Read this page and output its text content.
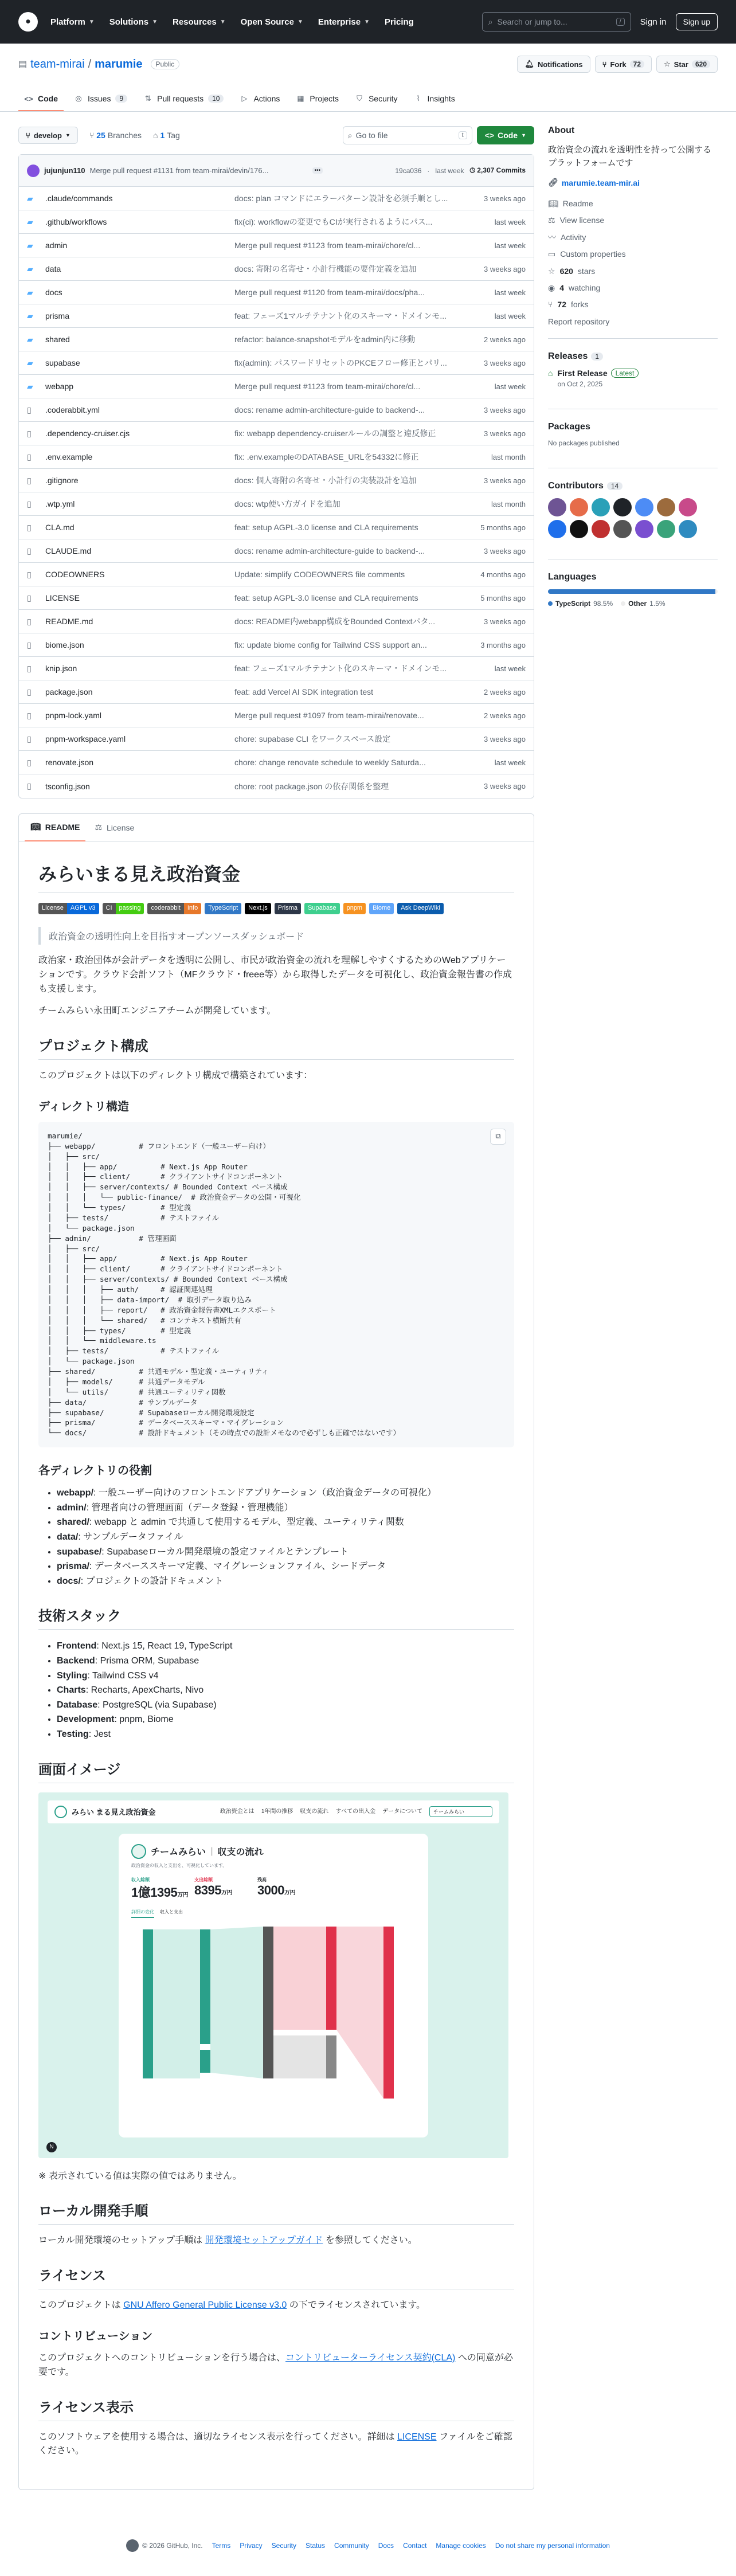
●	Platform ▼ Solutions ▼ Resources ▼ Open Source ▼ Enterprise ▼ Pricing	⌕ Search or jump to...	/	Sign in	Sign up
▤ team-mirai / marumie	Public	🔔︎ Notifications	⑂ Fork	72	☆ Star	620
<> Code ◎ Issues	9	⇅ Pull requests	10	▷ Actions ▦ Projects ⛉ Security	⌇ Insights
⑂ develop ▼ ⑂ 25 Branches ⌂ 1 Tag	⌕ Go to file	t	<> Code ▼
jujunjun110 Merge pull request #1131 from team-mirai/devin/176...	•••	19ca036 · last week 🕓︎ 2,307 Commits
▰	.claude/commands	docs: plan コマンドにエラーパターン設計を必須手順とし...	3 weeks ago
▰	.github/workflows	fix(ci): workflowの変更でもCIが実行されるようにパス...	last week
▰	admin	Merge pull request #1123 from team-mirai/chore/cl...	last week
▰	data	docs: 寄附の名寄せ・小計行機能の要件定義を追加	3 weeks ago
▰	docs	Merge pull request #1120 from team-mirai/docs/pha...	last week
▰	prisma	feat: フェーズ1マルチテナント化のスキーマ・ドメインモ...	last week
▰	shared	refactor: balance-snapshotモデルをadmin内に移動	2 weeks ago
▰	supabase	fix(admin): パスワードリセットのPKCEフロー修正とパリ...	3 weeks ago
▰	webapp	Merge pull request #1123 from team-mirai/chore/cl...	last week
▯	.coderabbit.yml	docs: rename admin-architecture-guide to backend-...	3 weeks ago
▯	.dependency-cruiser.cjs	fix: webapp dependency-cruiserルールの調整と違反修正	3 weeks ago
▯	.env.example	fix: .env.exampleのDATABASE_URLを54332に修正	last month
▯	.gitignore	docs: 個人寄附の名寄せ・小計行の実装設計を追加	3 weeks ago
▯	.wtp.yml	docs: wtp使い方ガイドを追加	last month
▯	CLA.md	feat: setup AGPL-3.0 license and CLA requirements	5 months ago
▯	CLAUDE.md	docs: rename admin-architecture-guide to backend-...	3 weeks ago
▯	CODEOWNERS	Update: simplify CODEOWNERS file comments	4 months ago
▯	LICENSE	feat: setup AGPL-3.0 license and CLA requirements	5 months ago
▯	README.md	docs: README内webapp構成をBounded Contextパタ...	3 weeks ago
▯	biome.json	fix: update biome config for Tailwind CSS support an...	3 months ago
▯	knip.json	feat: フェーズ1マルチテナント化のスキーマ・ドメインモ...	last week
▯	package.json	feat: add Vercel AI SDK integration test	2 weeks ago
▯	pnpm-lock.yaml	Merge pull request #1097 from team-mirai/renovate...	2 weeks ago
▯	pnpm-workspace.yaml	chore: supabase CLI をワークスペース設定	3 weeks ago
▯	renovate.json	chore: change renovate schedule to weekly Saturda...	last week
▯	tsconfig.json	chore: root package.json の依存関係を整理	3 weeks ago
📖︎ README ⚖ License
みらいまる見え政治資金
License	AGPL v3	CI	passing	coderabbit	Info	TypeScript	Next.js	Prisma	Supabase	pnpm	Biome	Ask DeepWiki
政治資金の透明性向上を目指すオープンソースダッシュボード

政治家・政治団体が会計データを透明に公開し、市民が政治資金の流れを理解しやすくするためのWebアプリケーションです。クラウド会計ソフト（MFクラウド・freee等）から取得したデータを可視化し、政治資金報告書の作成も支援します。

チームみらい永田町エンジニアチームが開発しています。

プロジェクト構成

このプロジェクトは以下のディレクトリ構成で構築されています：

ディレクトリ構造
⧉
marumie/
├── webapp/          # フロントエンド（一般ユーザー向け）
│   ├── src/
│   │   ├── app/          # Next.js App Router
│   │   ├── client/       # クライアントサイドコンポーネント
│   │   ├── server/contexts/ # Bounded Context ベース構成
│   │   │   └── public-finance/  # 政治資金データの公開・可視化
│   │   └── types/        # 型定義
│   ├── tests/            # テストファイル
│   └── package.json
├── admin/           # 管理画面
│   ├── src/
│   │   ├── app/          # Next.js App Router
│   │   ├── client/       # クライアントサイドコンポーネント
│   │   ├── server/contexts/ # Bounded Context ベース構成
│   │   │   ├── auth/     # 認証関連処理
│   │   │   ├── data-import/  # 取引データ取り込み
│   │   │   ├── report/   # 政治資金報告書XMLエクスポート
│   │   │   └── shared/   # コンテキスト横断共有
│   │   ├── types/        # 型定義
│   │   └── middleware.ts
│   ├── tests/            # テストファイル
│   └── package.json
├── shared/          # 共通モデル・型定義・ユーティリティ
│   ├── models/      # 共通データモデル
│   └── utils/       # 共通ユーティリティ関数
├── data/            # サンプルデータ
├── supabase/        # Supabaseローカル開発環境設定
├── prisma/          # データベーススキーマ・マイグレーション
└── docs/            # 設計ドキュメント（その時点での設計メモなので必ずしも正確ではないです）
各ディレクトリの役割
• webapp/: 一般ユーザー向けのフロントエンドアプリケーション（政治資金データの可視化）
• admin/: 管理者向けの管理画面（データ登録・管理機能）
• shared/: webapp と admin で共通して使用するモデル、型定義、ユーティリティ関数
• data/: サンプルデータファイル
• supabase/: Supabaseローカル開発環境の設定ファイルとテンプレート
• prisma/: データベーススキーマ定義、マイグレーションファイル、シードデータ
• docs/: プロジェクトの設計ドキュメント
技術スタック
• Frontend: Next.js 15, React 19, TypeScript
• Backend: Prisma ORM, Supabase
• Styling: Tailwind CSS v4
• Charts: Recharts, ApexCharts, Nivo
• Database: PostgreSQL (via Supabase)
• Development: pnpm, Biome
• Testing: Jest
画面イメージ
みらい まる見え政治資金	政治資金とは 1年間の推移 収支の流れ すべての出入金 データについて	チームみらい
チームみらい | 収支の流れ
政治資金の収入と支出を、可視化しています。
収入総額
1億1395万円
支出総額
8395万円
残高
3000万円
詳細の変化 収入と支出
N

※ 表示されている値は実際の値ではありません。

ローカル開発手順

ローカル開発環境のセットアップ手順は 開発環境セットアップガイド を参照してください。

ライセンス

このプロジェクトは GNU Affero General Public License v3.0 の下でライセンスされています。

コントリビューション

このプロジェクトへのコントリビューションを行う場合は、コントリビューターライセンス契約(CLA) への同意が必要です。

ライセンス表示

このソフトウェアを使用する場合は、適切なライセンス表示を行ってください。詳細は LICENSE ファイルをご確認ください。

About
政治資金の流れを透明性を持って公開するプラットフォームです
🔗︎ marumie.team-mir.ai
📖︎ Readme
⚖ View license
〰 Activity
▭ Custom properties
☆ 620 stars
◉ 4 watching
⑂ 72 forks
Report repository
Releases	1
⌂ First Release	Latest
on Oct 2, 2025
Packages
No packages published
Contributors	14
Languages
TypeScript 98.5% Other 1.5%
© 2026 GitHub, Inc. Terms Privacy Security Status Community Docs Contact Manage cookies Do not share my personal information
